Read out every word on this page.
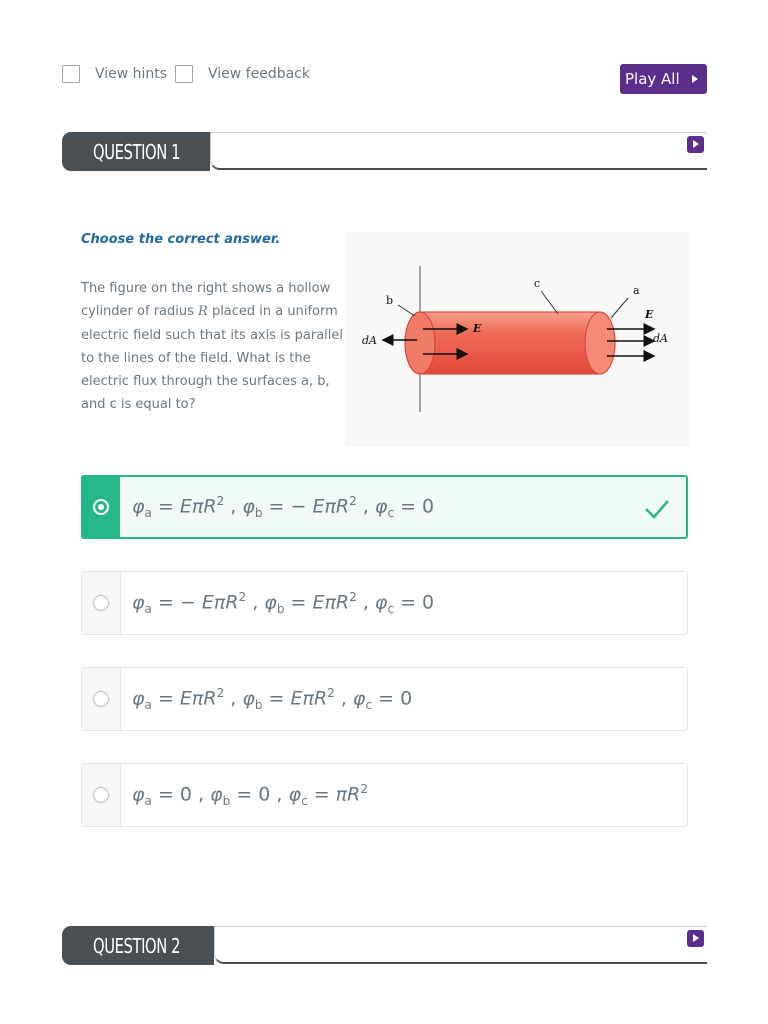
View hints	View feedback	Play All
QUESTION 1
Choose the correct answer.
The figure on the right shows a hollow cylinder of radius R placed in a uniform electric field such that its axis is parallel to the lines of the field. What is the electric flux through the surfaces a, b, and c is equal to?
b
c
a
E
E
dA	dA
$\varphi_a = E\pi R^2$ , $\varphi_b$ = − EπR$^2$ , $\varphi_c = 0$
$\varphi_a$ = − EπR$^2$ , $\varphi_b = E\pi R^2$ , $\varphi_c = 0$
$\varphi_a = E\pi R^2$ , $\varphi_b = E\pi R^2$ , $\varphi_c = 0$
$\varphi_a = 0$ , $\varphi_b = 0$ , $\varphi_c = \pi R^2$
QUESTION 2
